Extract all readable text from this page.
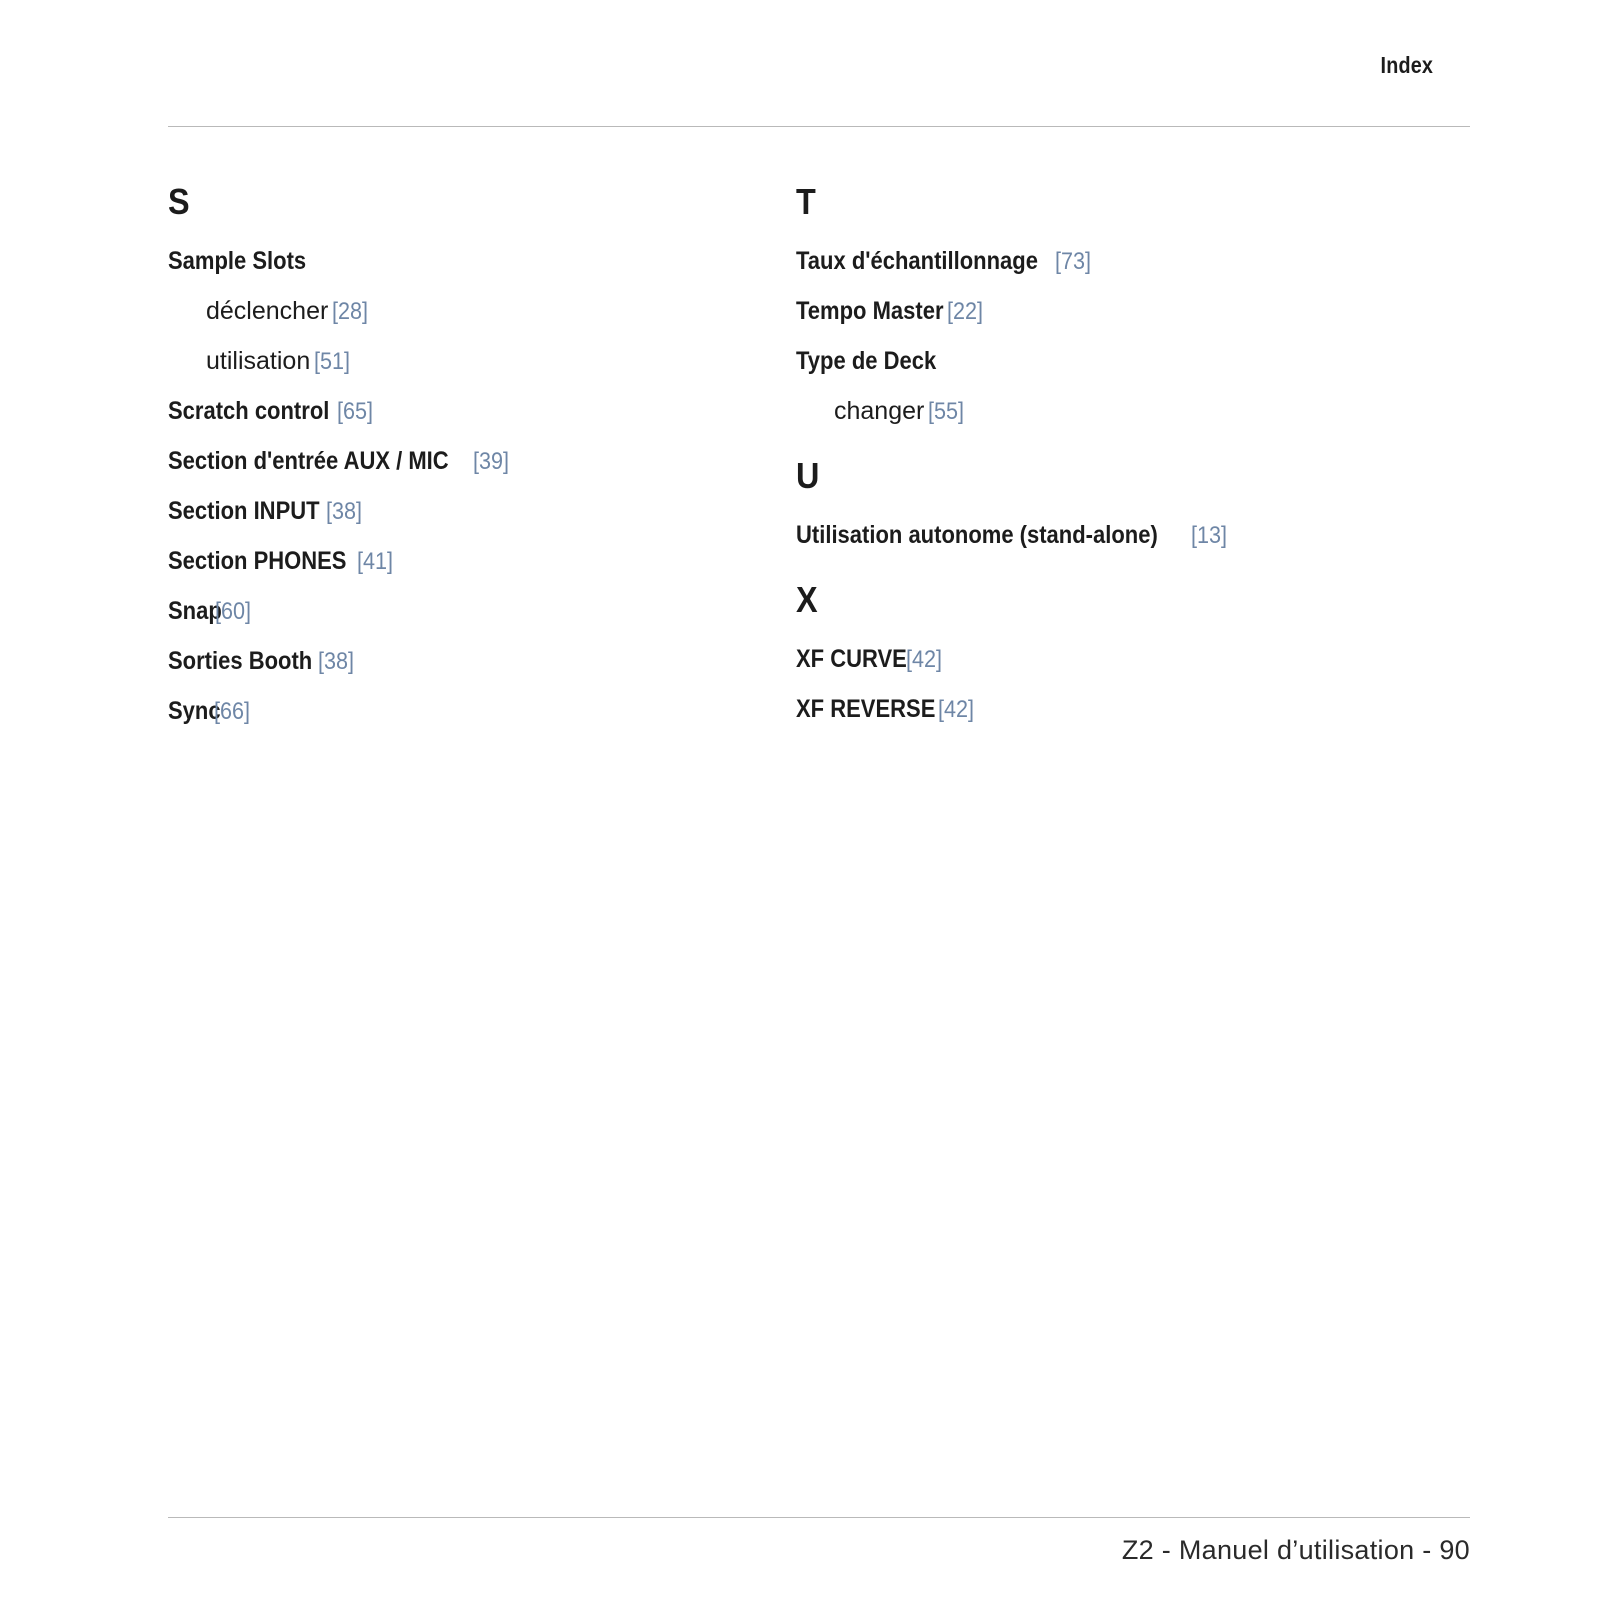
Index
S
Sample Slots
déclencher [28]
utilisation [51]
Scratch control [65]
Section d'entrée AUX / MIC [39]
Section INPUT [38]
Section PHONES [41]
Snap[60]
Sorties Booth [38]
Sync[66]
T
Taux d'échantillonnage [73]
Tempo Master [22]
Type de Deck
changer [55]
U
Utilisation autonome (stand-alone) [13]
X
XF CURVE[42]
XF REVERSE [42]
Z2 - Manuel d’utilisation - 90
